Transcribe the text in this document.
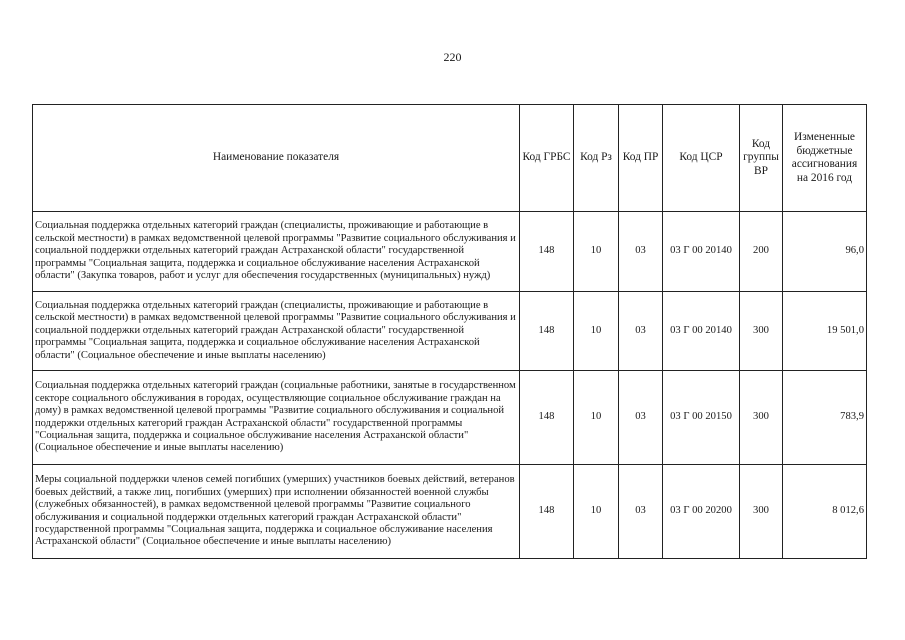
220
Наименование показателя	Код ГРБС	Код Рз	Код ПР	Код ЦСР	Код группы ВР	Измененные бюджетные ассигнования на 2016 год
Социальная поддержка отдельных категорий граждан (специалисты, проживающие и работающие в сельской местности) в рамках ведомственной целевой программы "Развитие социального обслуживания и социальной поддержки отдельных категорий граждан Астраханской области" государственной программы "Социальная защита, поддержка и социальное обслуживание населения Астраханской области" (Закупка товаров, работ и услуг для обеспечения государственных (муниципальных) нужд)	148	10	03	03 Г 00 20140	200	96,0
Социальная поддержка отдельных категорий граждан (специалисты, проживающие и работающие в сельской местности) в рамках ведомственной целевой программы "Развитие социального обслуживания и социальной поддержки отдельных категорий граждан Астраханской области" государственной программы "Социальная защита, поддержка и социальное обслуживание населения Астраханской области" (Социальное обеспечение и иные выплаты населению)	148	10	03	03 Г 00 20140	300	19 501,0
Социальная поддержка отдельных категорий граждан (социальные работники, занятые в государственном секторе социального обслуживания в городах, осуществляющие социальное обслуживание граждан на дому) в рамках ведомственной целевой программы "Развитие социального обслуживания и социальной поддержки отдельных категорий граждан Астраханской области" государственной программы "Социальная защита, поддержка и социальное обслуживание населения Астраханской области" (Социальное обеспечение и иные выплаты населению)	148	10	03	03 Г 00 20150	300	783,9
Меры социальной поддержки членов семей погибших (умерших) участников боевых действий, ветеранов боевых действий, а также лиц, погибших (умерших) при исполнении обязанностей военной службы (служебных обязанностей), в рамках ведомственной целевой программы "Развитие социального обслуживания и социальной поддержки отдельных категорий граждан Астраханской области" государственной программы "Социальная защита, поддержка и социальное обслуживание населения Астраханской области" (Социальное обеспечение и иные выплаты населению)	148	10	03	03 Г 00 20200	300	8 012,6
